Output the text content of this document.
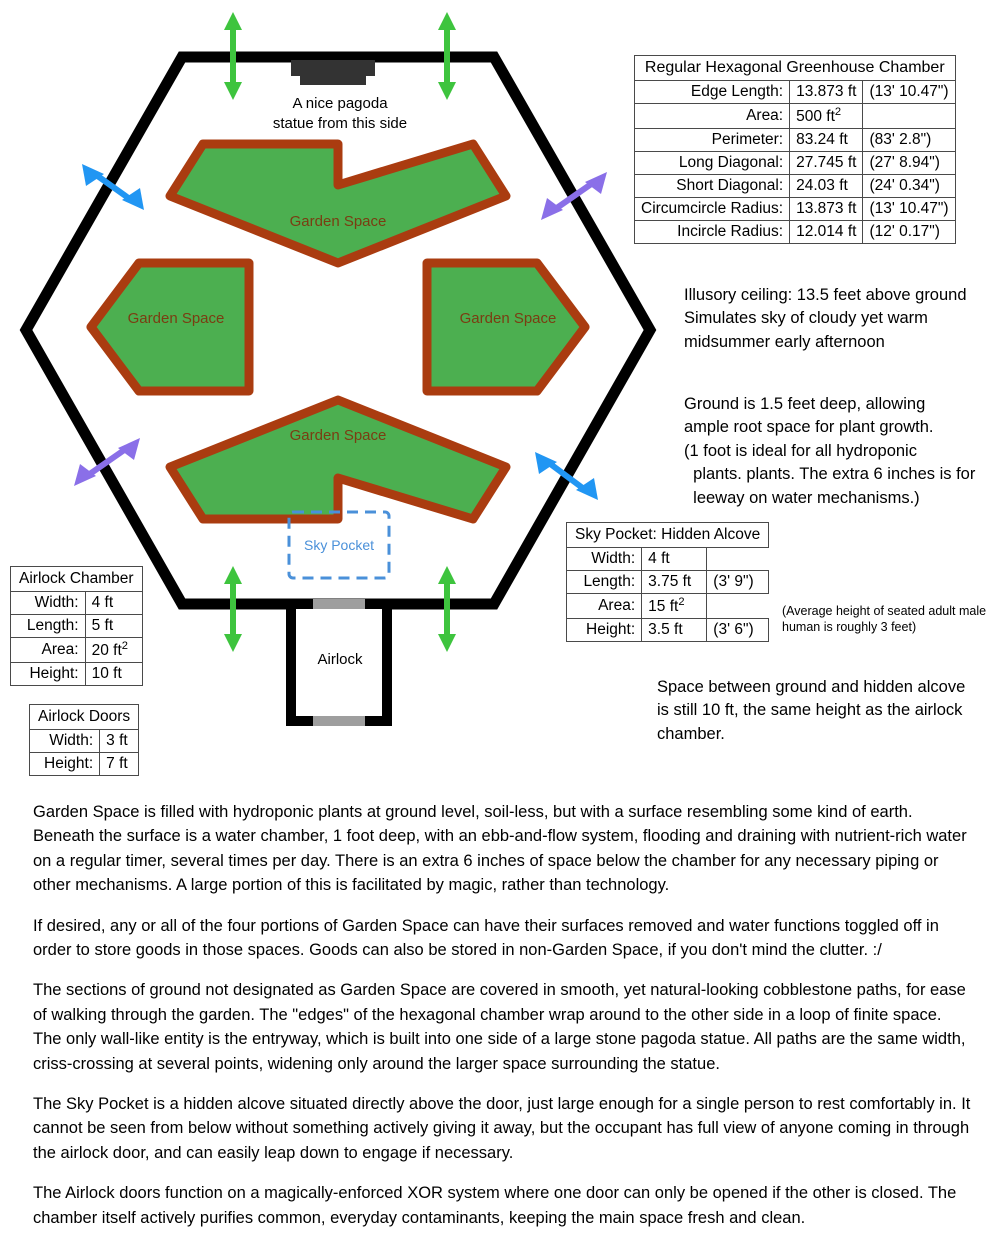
Garden Space
Garden Space	Garden Space
Garden Space
Sky Pocket
A nice pagoda
statue from this side
Airlock
Regular Hexagonal Greenhouse Chamber		
Edge Length:	13.873 ft	(13' 10.47")
Area:	500 $ft^2$	
Perimeter:	83.24 ft	(83' 2.8")
Long Diagonal:	27.745 ft	(27' 8.94")
Short Diagonal:	24.03 ft	(24' 0.34")
Circumcircle Radius:	13.873 ft	(13' 10.47")
Incircle Radius:	12.014 ft	(12' 0.17")
Illusory ceiling: 13.5 feet above ground
Simulates sky of cloudy yet warm
midsummer early afternoon
Ground is 1.5 feet deep, allowing
ample root space for plant growth.
(1 foot is ideal for all hydroponic
plants. plants. The extra 6 inches is for
leeway on water mechanisms.)
(Average height of seated adult male human is roughly 3 feet)
Space between ground and hidden alcove is still 10 ft, the same height as the airlock chamber.
Sky Pocket: Hidden Alcove		
Width:	4 ft	
Length:	3.75 ft	(3' 9")
Area:	15 $ft^2$	
Height:	3.5 ft	(3' 6")
Airlock Chamber	
Width:	4 ft
Length:	5 ft
Area:	20 $ft^2$
Height:	10 ft
Airlock Doors	
Width:	3 ft
Height:	7 ft

Garden Space is filled with hydroponic plants at ground level, soil-less, but with a surface resembling some kind of earth. Beneath the surface is a water chamber, 1 foot deep, with an ebb-and-flow system, flooding and draining with nutrient-rich water on a regular timer, several times per day. There is an extra 6 inches of space below the chamber for any necessary piping or other mechanisms. A large portion of this is facilitated by magic, rather than technology.

If desired, any or all of the four portions of Garden Space can have their surfaces removed and water functions toggled off in order to store goods in those spaces. Goods can also be stored in non-Garden Space, if you don't mind the clutter. :/

The sections of ground not designated as Garden Space are covered in smooth, yet natural-looking cobblestone paths, for ease of walking through the garden. The "edges" of the hexagonal chamber wrap around to the other side in a loop of finite space. The only wall-like entity is the entryway, which is built into one side of a large stone pagoda statue. All paths are the same width, criss-crossing at several points, widening only around the larger space surrounding the statue.

The Sky Pocket is a hidden alcove situated directly above the door, just large enough for a single person to rest comfortably in. It cannot be seen from below without something actively giving it away, but the occupant has full view of anyone coming in through the airlock door, and can easily leap down to engage if necessary.

The Airlock doors function on a magically-enforced XOR system where one door can only be opened if the other is closed. The chamber itself actively purifies common, everyday contaminants, keeping the main space fresh and clean.
